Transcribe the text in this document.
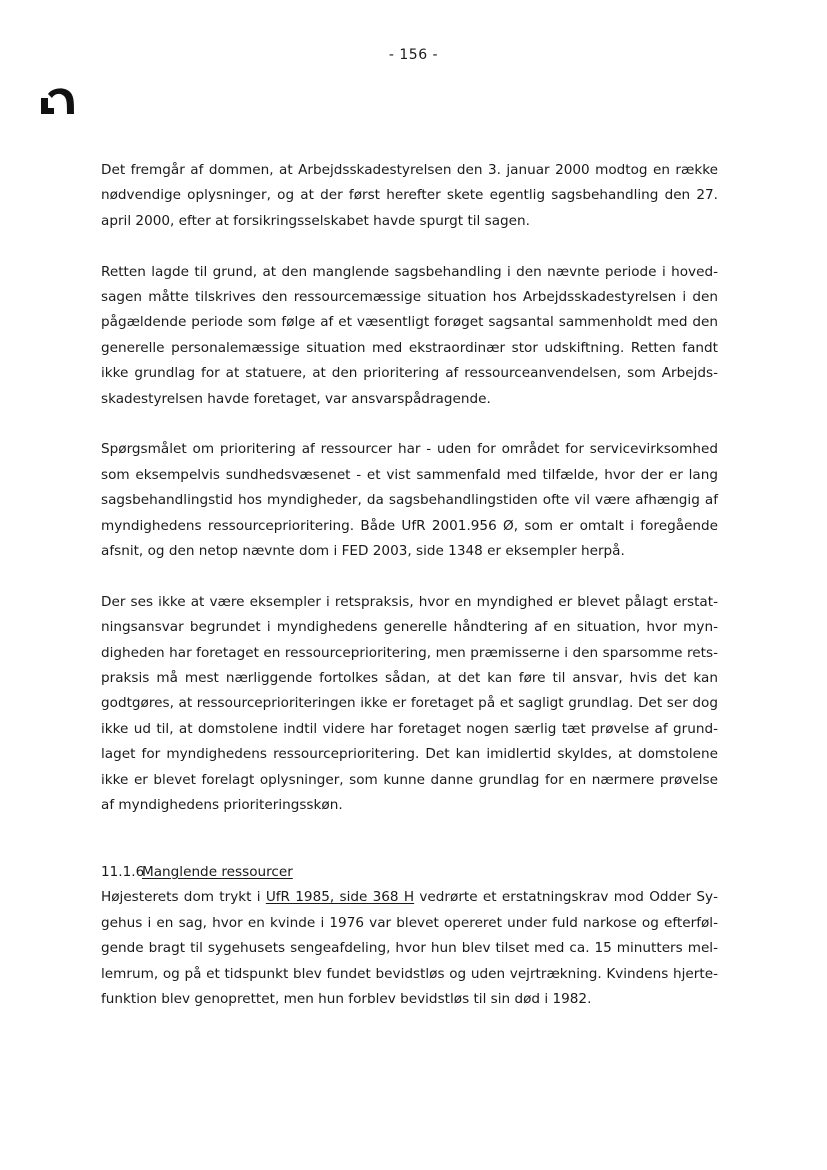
- 156 -

Det fremgår af dommen, at Arbejdsskadestyrelsen den 3. januar 2000 modtog en række nødvendige oplysninger, og at der først herefter skete egentlig sagsbehandling den 27. april 2000, efter at forsikringsselskabet havde spurgt til sagen.

Retten lagde til grund, at den manglende sagsbehandling i den nævnte periode i hovedsagen måtte tilskrives den ressourcemæssige situation hos Arbejdsskadestyrelsen i den pågældende periode som følge af et væsentligt forøget sagsantal sammenholdt med den generelle personalemæssige situation med ekstraordinær stor udskiftning. Retten fandt ikke grundlag for at statuere, at den prioritering af ressourceanvendelsen, som Arbejdsskadestyrelsen havde foretaget, var ansvarspådragende.

Spørgsmålet om prioritering af ressourcer har - uden for området for servicevirksomhed som eksempelvis sundhedsvæsenet - et vist sammenfald med tilfælde, hvor der er lang sagsbehandlingstid hos myndigheder, da sagsbehandlingstiden ofte vil være afhængig af myndighedens ressourceprioritering. Både UfR 2001.956 Ø, som er omtalt i foregående afsnit, og den netop nævnte dom i FED 2003, side 1348 er eksempler herpå.

Der ses ikke at være eksempler i retspraksis, hvor en myndighed er blevet pålagt erstatningsansvar begrundet i myndighedens generelle håndtering af en situation, hvor myndigheden har foretaget en ressourceprioritering, men præmisserne i den sparsomme retspraksis må mest nærliggende fortolkes sådan, at det kan føre til ansvar, hvis det kan godtgøres, at ressourceprioriteringen ikke er foretaget på et sagligt grundlag. Det ser dog ikke ud til, at domstolene indtil videre har foretaget nogen særlig tæt prøvelse af grundlaget for myndighedens ressourceprioritering. Det kan imidlertid skyldes, at domstolene ikke er blevet forelagt oplysninger, som kunne danne grundlag for en nærmere prøvelse af myndighedens prioriteringsskøn.

11.1.6Manglende ressourcer

Højesterets dom trykt i UfR 1985, side 368 H vedrørte et erstatningskrav mod Odder Sygehus i en sag, hvor en kvinde i 1976 var blevet opereret under fuld narkose og efterfølgende bragt til sygehusets sengeafdeling, hvor hun blev tilset med ca. 15 minutters mellemrum, og på et tidspunkt blev fundet bevidstløs og uden vejrtrækning. Kvindens hjertefunktion blev genoprettet, men hun forblev bevidstløs til sin død i 1982.
